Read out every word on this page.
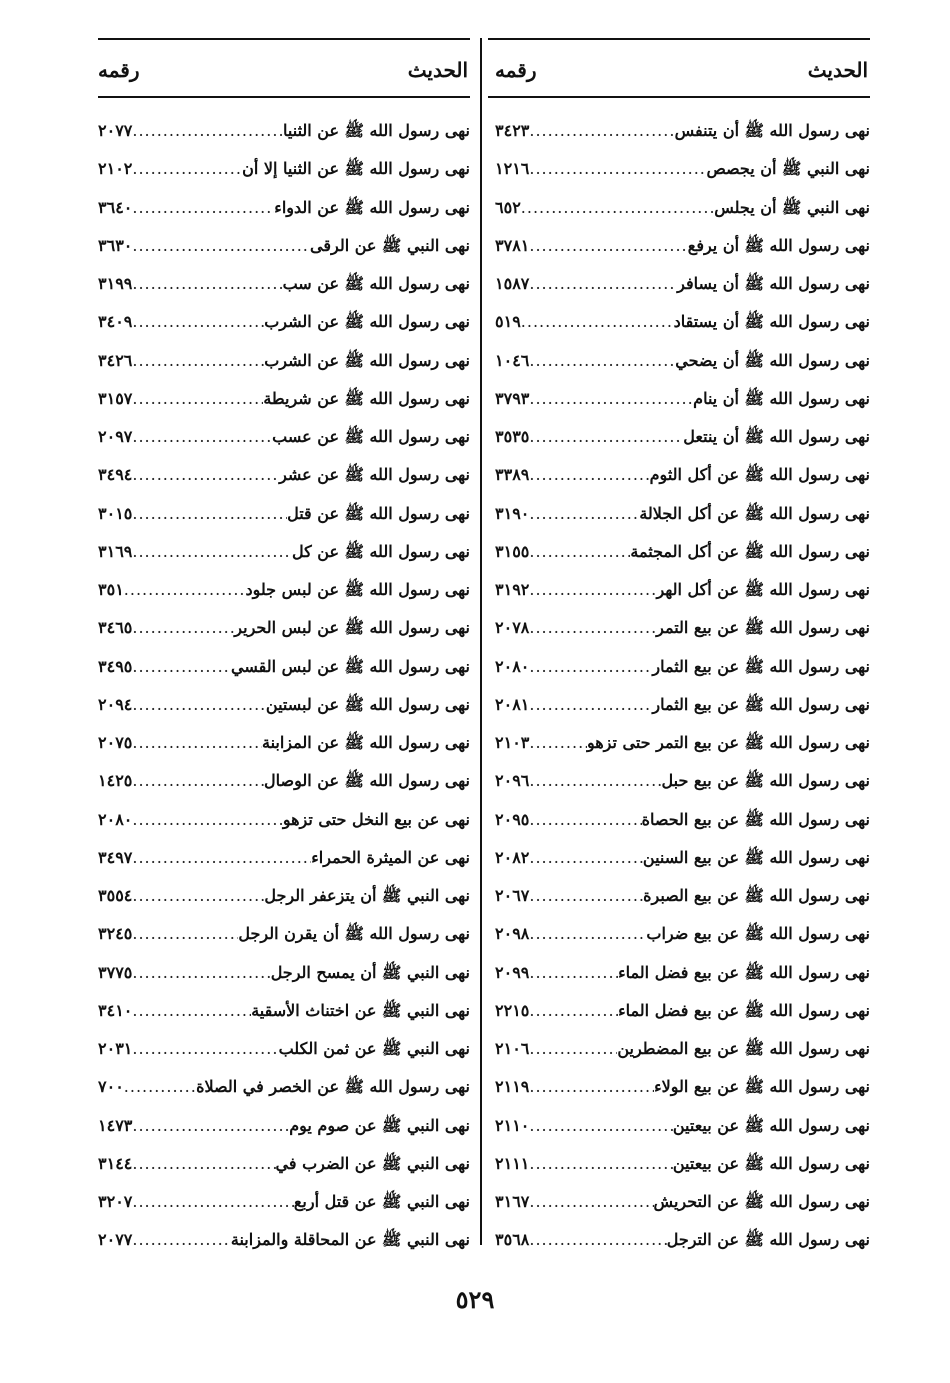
الحديث
رقمه
الحديث
رقمه
نهى رسول الله ﷺ أن يتنفس
.....
٣٤٢٣
نهى النبي ﷺ أن يجصص
.....
١٢١٦
نهى النبي ﷺ أن يجلس
.....
٦٥٢
نهى رسول الله ﷺ أن يرفع
.....
٣٧٨١
نهى رسول الله ﷺ أن يسافر
.....
١٥٨٧
نهى رسول الله ﷺ أن يستقاد
.....
٥١٩
نهى رسول الله ﷺ أن يضحي
.....
١٠٤٦
نهى رسول الله ﷺ أن ينام
.....
٣٧٩٣
نهى رسول الله ﷺ أن ينتعل
.....
٣٥٣٥
نهى رسول الله ﷺ عن أكل الثوم
.....
٣٣٨٩
نهى رسول الله ﷺ عن أكل الجلالة
.....
٣١٩٠
نهى رسول الله ﷺ عن أكل المجثمة
.....
٣١٥٥
نهى رسول الله ﷺ عن أكل الهر
.....
٣١٩٢
نهى رسول الله ﷺ عن بيع التمر
.....
٢٠٧٨
نهى رسول الله ﷺ عن بيع الثمار
.....
٢٠٨٠
نهى رسول الله ﷺ عن بيع الثمار
.....
٢٠٨١
نهى رسول الله ﷺ عن بيع التمر حتى تزهو
.....
٢١٠٣
نهى رسول الله ﷺ عن بيع حبل
.....
٢٠٩٦
نهى رسول الله ﷺ عن بيع الحصاة
.....
٢٠٩٥
نهى رسول الله ﷺ عن بيع السنين
.....
٢٠٨٢
نهى رسول الله ﷺ عن بيع الصبرة
.....
٢٠٦٧
نهى رسول الله ﷺ عن بيع ضراب
.....
٢٠٩٨
نهى رسول الله ﷺ عن بيع فضل الماء
.....
٢٠٩٩
نهى رسول الله ﷺ عن بيع فضل الماء
.....
٢٢١٥
نهى رسول الله ﷺ عن بيع المضطرين
.....
٢١٠٦
نهى رسول الله ﷺ عن بيع الولاء
.....
٢١١٩
نهى رسول الله ﷺ عن بيعتين
.....
٢١١٠
نهى رسول الله ﷺ عن بيعتين
.....
٢١١١
نهى رسول الله ﷺ عن التحريش
.....
٣١٦٧
نهى رسول الله ﷺ عن الترجل
.....
٣٥٦٨
نهى رسول الله ﷺ عن الثنيا
.....
٢٠٧٧
نهى رسول الله ﷺ عن الثنيا إلا أن
.....
٢١٠٢
نهى رسول الله ﷺ عن الدواء
.....
٣٦٤٠
نهى النبي ﷺ عن الرقى
.....
٣٦٣٠
نهى رسول الله ﷺ عن سب
.....
٣١٩٩
نهى رسول الله ﷺ عن الشرب
.....
٣٤٠٩
نهى رسول الله ﷺ عن الشرب
.....
٣٤٢٦
نهى رسول الله ﷺ عن شريطة
.....
٣١٥٧
نهى رسول الله ﷺ عن عسب
.....
٢٠٩٧
نهى رسول الله ﷺ عن عشر
.....
٣٤٩٤
نهى رسول الله ﷺ عن قتل
.....
٣٠١٥
نهى رسول الله ﷺ عن كل
.....
٣١٦٩
نهى رسول الله ﷺ عن لبس جلود
.....
٣٥١
نهى رسول الله ﷺ عن لبس الحرير
.....
٣٤٦٥
نهى رسول الله ﷺ عن لبس القسي
.....
٣٤٩٥
نهى رسول الله ﷺ عن لبستين
.....
٢٠٩٤
نهى رسول الله ﷺ عن المزابنة
.....
٢٠٧٥
نهى رسول الله ﷺ عن الوصال
.....
١٤٢٥
نهى عن بيع النخل حتى تزهو
.....
٢٠٨٠
نهى عن الميثرة الحمراء
.....
٣٤٩٧
نهى النبي ﷺ أن يتزعفر الرجل
.....
٣٥٥٤
نهى رسول الله ﷺ أن يقرن الرجل
.....
٣٢٤٥
نهى النبي ﷺ أن يمسح الرجل
.....
٣٧٧٥
نهى النبي ﷺ عن اختناث الأسقية
.....
٣٤١٠
نهى النبي ﷺ عن ثمن الكلب
.....
٢٠٣١
نهى رسول الله ﷺ عن الخصر في الصلاة
.....
٧٠٠
نهى النبي ﷺ عن صوم يوم
.....
١٤٧٣
نهى النبي ﷺ عن الضرب في
.....
٣١٤٤
نهى النبي ﷺ عن قتل أربع
.....
٣٢٠٧
نهى النبي ﷺ عن المحاقلة والمزابنة
.....
٢٠٧٧
٥٢٩
